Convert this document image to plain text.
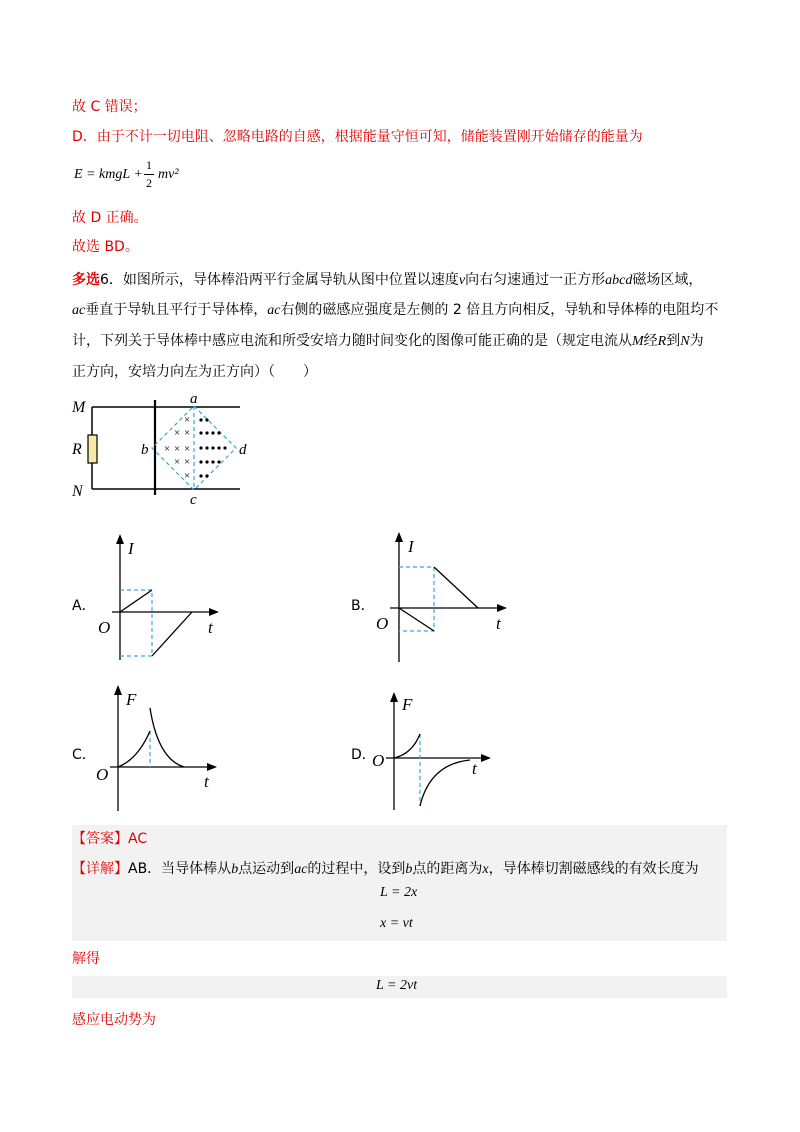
故 C 错误；
D．由于不计一切电阻、忽略电路的自感，根据能量守恒可知，储能装置刚开始储存的能量为
E = kmgL +
1
2
mv²
故 D 正确。
故选 BD。
多选6．如图所示，导体棒沿两平行金属导轨从图中位置以速度v向右匀速通过一正方形abcd磁场区域，
ac垂直于导轨且平行于导体棒，ac右侧的磁感应强度是左侧的 2 倍且方向相反，导轨和导体棒的电阻均不
计，下列关于导体棒中感应电流和所受安培力随时间变化的图像可能正确的是（规定电流从M经R到N为
正方向，安培力向左为正方向）（　　）
×
× ×
× × ×
× ×
×
M
R
N
a
b
c
d
A．
I
t
O
B．
I
t
O
C．
F
t
O
D．
F
t
O
【答案】AC
【详解】AB．当导体棒从b点运动到ac的过程中，设到b点的距离为x，导体棒切割磁感线的有效长度为
L = 2x
x = vt
解得
L = 2vt
感应电动势为
